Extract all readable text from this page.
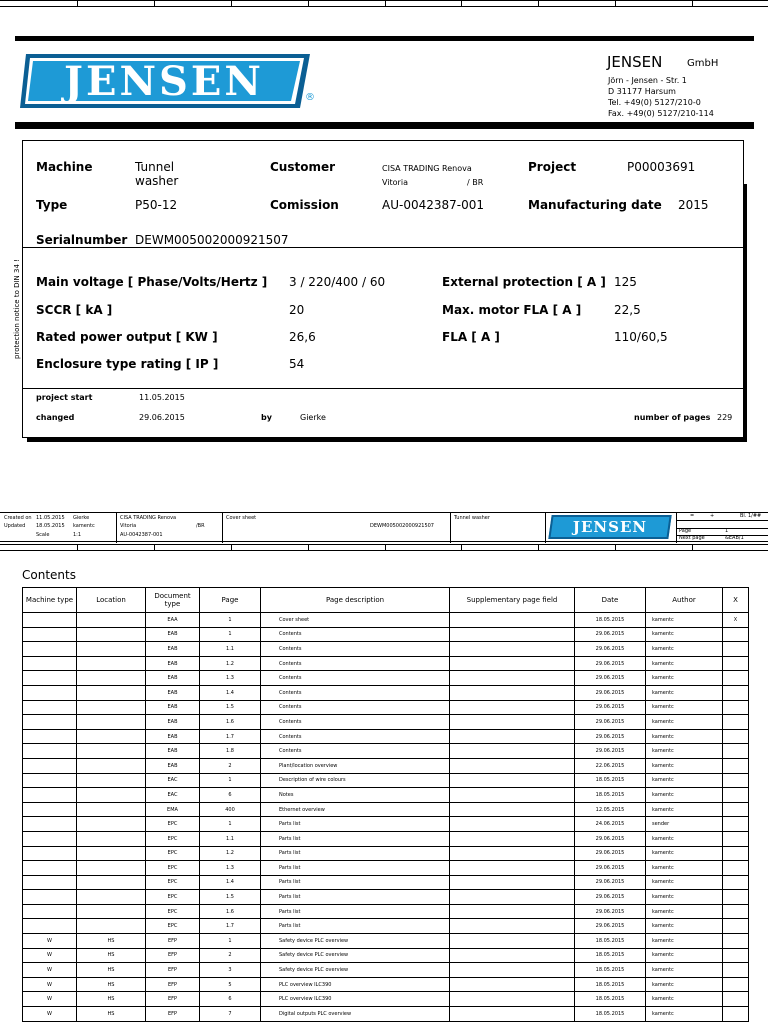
JENSEN	®
JENSEN GmbH
Jörn - Jensen - Str. 1
D 31177 Harsum
Tel. +49(0) 5127/210-0
Fax. +49(0) 5127/210-114
protection notice to DIN 34 !
Machine	Tunnel
washer
Customer	CISA TRADING Renova
Vitoria	/ BR
Project	P00003691
Type	P50-12	Comission	AU-0042387-001	Manufacturing date 2015
Serialnumber DEWM005002000921507
Main voltage [ Phase/Volts/Hertz ] 3 / 220/400 / 60	External protection [ A ] 125
SCCR [ kA ]	20	Max. motor FLA [ A ]	22,5
Rated power output [ KW ]	26,6	FLA [ A ]	110/60,5
Enclosure type rating [ IP ]	54
project start	11.05.2015
changed	29.06.2015	by	Gierke	number of pages 229
Created on 11.05.2015 Gierke
Updated 18.05.2015 kamentc
Scale	1:1
CISA TRADING Renova
Vitoria	/BR
AU-0042387-001
Cover sheet
DEWM005002000921507
Tunnel washer	JENSEN
=	+	Bl. 1/##
Page	1
Next page	&EAB/1
Contents
Machine type	Location	Document type	Page	Page description	Supplementary page field	Date	Author	X
		EAA	1	Cover sheet		18.05.2015	kamentc	X
		EAB	1	Contents		29.06.2015	kamentc	
		EAB	1.1	Contents		29.06.2015	kamentc	
		EAB	1.2	Contents		29.06.2015	kamentc	
		EAB	1.3	Contents		29.06.2015	kamentc	
		EAB	1.4	Contents		29.06.2015	kamentc	
		EAB	1.5	Contents		29.06.2015	kamentc	
		EAB	1.6	Contents		29.06.2015	kamentc	
		EAB	1.7	Contents		29.06.2015	kamentc	
		EAB	1.8	Contents		29.06.2015	kamentc	
		EAB	2	Plant/location overview		22.06.2015	kamentc	
		EAC	1	Description of wire colours		18.05.2015	kamentc	
		EAC	6	Notes		18.05.2015	kamentc	
		EMA	400	Ethernet overview		12.05.2015	kamentc	
		EPC	1	Parts list		24.06.2015	sender	
		EPC	1.1	Parts list		29.06.2015	kamentc	
		EPC	1.2	Parts list		29.06.2015	kamentc	
		EPC	1.3	Parts list		29.06.2015	kamentc	
		EPC	1.4	Parts list		29.06.2015	kamentc	
		EPC	1.5	Parts list		29.06.2015	kamentc	
		EPC	1.6	Parts list		29.06.2015	kamentc	
		EPC	1.7	Parts list		29.06.2015	kamentc	
W	HS	EFP	1	Safety device PLC overview		18.05.2015	kamentc	
W	HS	EFP	2	Safety device PLC overview		18.05.2015	kamentc	
W	HS	EFP	3	Safety device PLC overview		18.05.2015	kamentc	
W	HS	EFP	5	PLC overview ILC390		18.05.2015	kamentc	
W	HS	EFP	6	PLC overview ILC390		18.05.2015	kamentc	
W	HS	EFP	7	Digital outputs PLC overview		18.05.2015	kamentc	
